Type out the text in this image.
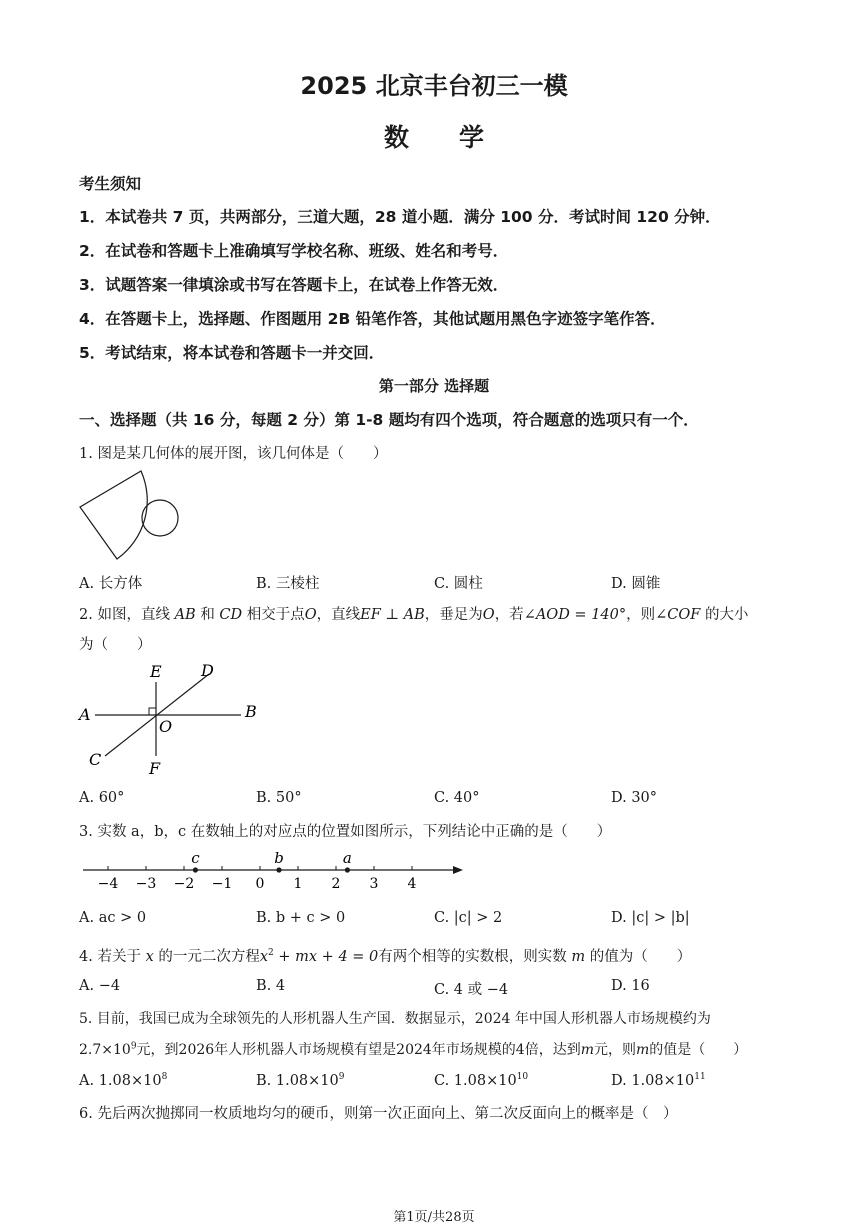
2025 北京丰台初三一模
数学
考生须知
1．本试卷共 7 页，共两部分，三道大题，28 道小题．满分 100 分．考试时间 120 分钟．
2．在试卷和答题卡上准确填写学校名称、班级、姓名和考号．
3．试题答案一律填涂或书写在答题卡上，在试卷上作答无效．
4．在答题卡上，选择题、作图题用 2B 铅笔作答，其他试题用黑色字迹签字笔作答．
5．考试结束，将本试卷和答题卡一并交回．
第一部分 选择题
一、选择题（共 16 分，每题 2 分）第 1-8 题均有四个选项，符合题意的选项只有一个．
1. 图是某几何体的展开图，该几何体是（　　）
A. 长方体	B. 三棱柱	C. 圆柱	D. 圆锥
2. 如图，直线 AB 和 CD 相交于点O，直线EF ⊥ AB，垂足为O，若∠AOD = 140°，则∠COF 的大小
为（　　）
A	B
C
D
E
F
O
A. 60°	B. 50°	C. 40°	D. 30°
3. 实数 a，b，c 在数轴上的对应点的位置如图所示，下列结论中正确的是（　　）
−4 −3 −2 −1 0 1 2 3 4
c	b	a
A. ac > 0	B. b + c > 0	C. |c| > 2	D. |c| > |b|
4. 若关于 x 的一元二次方程$x^2$ + mx + 4 = 0有两个相等的实数根，则实数 m 的值为（　　）
A. −4	B. 4	C. 4 或 −4	D. 16
5. 目前，我国已成为全球领先的人形机器人生产国．数据显示，2024 年中国人形机器人市场规模约为
$2.7\times 10^9$元，到2026年人形机器人市场规模有望是2024年市场规模的4倍，达到m元，则m的值是（　　）
A. $1.08\times 10^8$	B. $1.08\times 10^9$	C. $1.08\times 10^{10}$	D. $1.08\times 10^{11}$
6. 先后两次抛掷同一枚质地均匀的硬币，则第一次正面向上、第二次反面向上的概率是（　）
第1页/共28页
